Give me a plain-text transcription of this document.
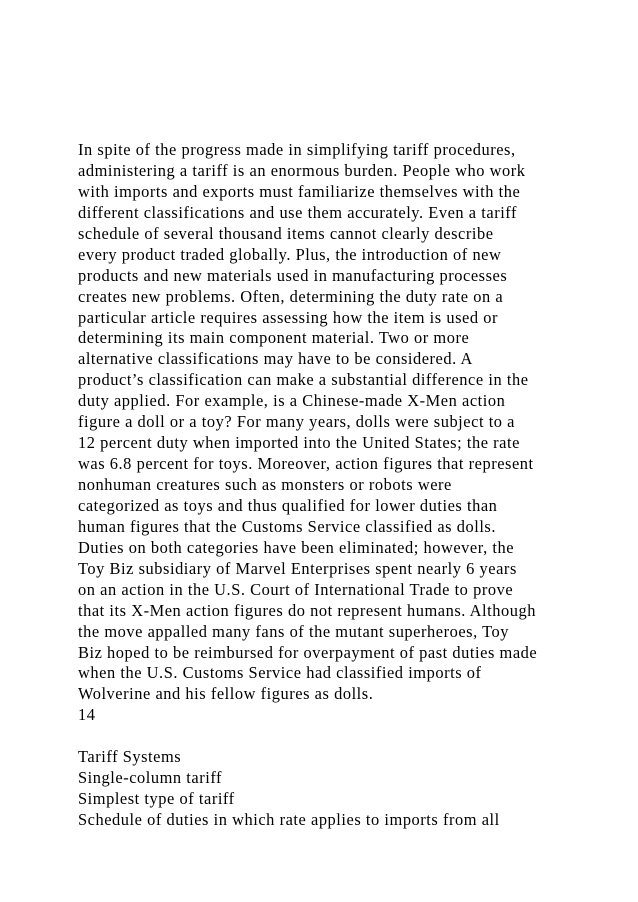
In spite of the progress made in simplifying tariff procedures,
administering a tariff is an enormous burden. People who work
with imports and exports must familiarize themselves with the
different classifications and use them accurately. Even a tariff
schedule of several thousand items cannot clearly describe
every product traded globally. Plus, the introduction of new
products and new materials used in manufacturing processes
creates new problems. Often, determining the duty rate on a
particular article requires assessing how the item is used or
determining its main component material. Two or more
alternative classifications may have to be considered. A
product’s classification can make a substantial difference in the
duty applied. For example, is a Chinese-made X-Men action
figure a doll or a toy? For many years, dolls were subject to a
12 percent duty when imported into the United States; the rate
was 6.8 percent for toys. Moreover, action figures that represent
nonhuman creatures such as monsters or robots were
categorized as toys and thus qualified for lower duties than
human figures that the Customs Service classified as dolls.
Duties on both categories have been eliminated; however, the
Toy Biz subsidiary of Marvel Enterprises spent nearly 6 years
on an action in the U.S. Court of International Trade to prove
that its X-Men action figures do not represent humans. Although
the move appalled many fans of the mutant superheroes, Toy
Biz hoped to be reimbursed for overpayment of past duties made
when the U.S. Customs Service had classified imports of
Wolverine and his fellow figures as dolls.
14
Tariff Systems
Single-column tariff
Simplest type of tariff
Schedule of duties in which rate applies to imports from all
